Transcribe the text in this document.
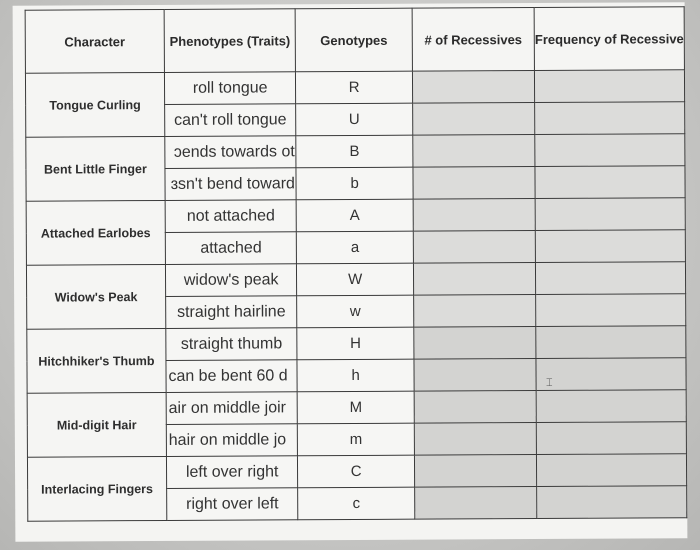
Character	Phenotypes (Traits)	Genotypes	# of Recessives	Frequency of Recessive
Tongue Curling	roll tongue	R		
	can't roll tongue	U		
Bent Little Finger	ɔends towards ot	B		
	ɜsn't bend toward	b		
Attached Earlobes	not attached	A		
	attached	a		
Widow's Peak	widow's peak	W		
	straight hairline	w		
Hitchhiker's Thumb	straight thumb	H		
	can be bent 60 d	h		
Mid-digit Hair	air on middle joir	M		
	hair on middle jo	m		
Interlacing Fingers	left over right	C		
	right over left	c		
⌶
